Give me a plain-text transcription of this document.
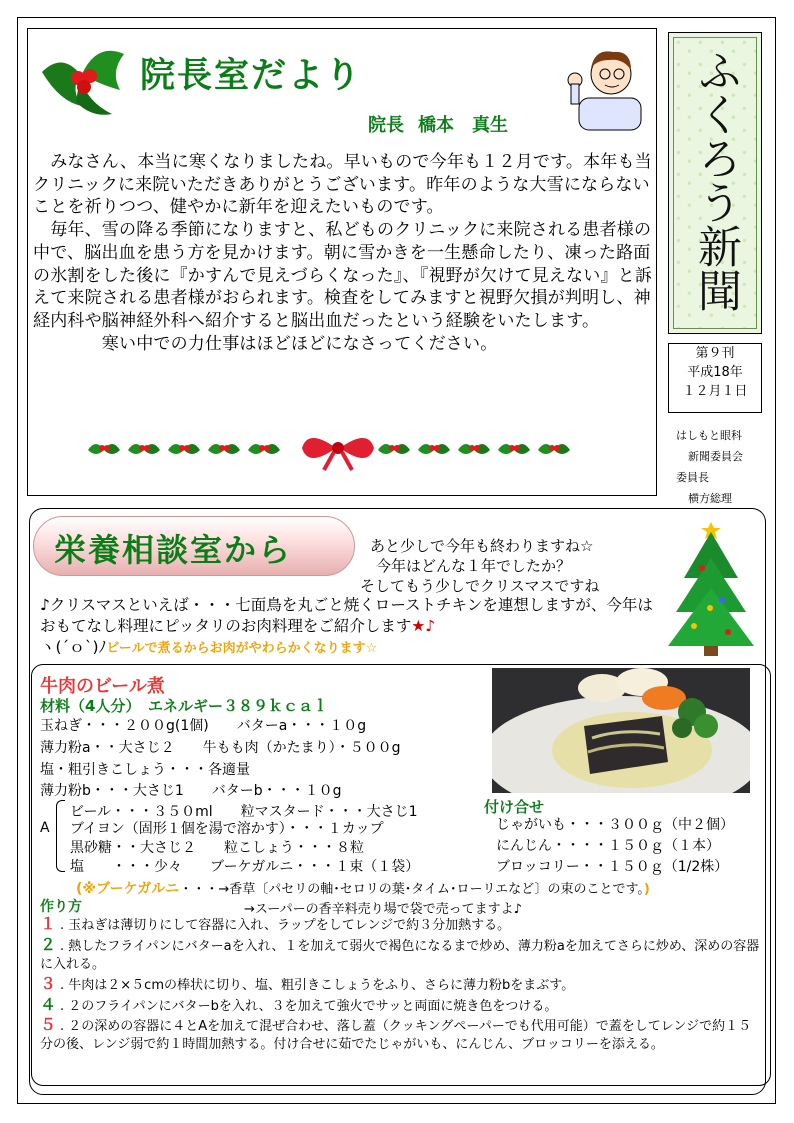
院長室だより
院長 橋本　真生

　みなさん、本当に寒くなりましたね。早いもので今年も１２月です。本年も当クリニックに来院いただきありがとうございます。昨年のような大雪にならないことを祈りつつ、健やかに新年を迎えたいものです。

　毎年、雪の降る季節になりますと、私どものクリニックに来院される患者様の中で、脳出血を患う方を見かけます。朝に雪かきを一生懸命したり、凍った路面の氷割をした後に『かすんで見えづらくなった』、『視野が欠けて見えない』と訴えて来院される患者様がおられます。検査をしてみますと視野欠損が判明し、神経内科や脳神経外科へ紹介すると脳出血だったという経験をいたします。

　　　　寒い中での力仕事はほどほどになさってください。

ふくろう新聞
第９刊
平成18年
１２月１日
はしもと眼科
新聞委員会
委員長
横方総理
栄養相談室から	あと少しで今年も終わりますね☆
今年はどんな１年でしたか？
そしてもう少しでクリスマスですね
♪クリスマスといえば・・・七面鳥を丸ごと焼くローストチキンを連想しますが、今年はおもてなし料理にピッタリのお肉料理をご紹介します★♪
ヽ(´ｏ`)ﾉビールで煮るからお肉がやわらかくなります☆
牛肉のビール煮
材料（4人分）　 エネルギー３８９ｋｃａｌ
玉ねぎ・・・２００g(1個)　　バターa・・・１０g
薄力粉a・・大さじ２　　牛もも肉（かたまり）・５００g
塩・粗引きこしょう・・・各適量
薄力粉b・・・大さじ1　　バターb・・・１０g
A
ビール・・・３５０ml　　粒マスタード・・・大さじ1
ブイヨン（固形１個を湯で溶かす）・・・１カップ
黒砂糖・・大さじ２　　粒こしょう・・・８粒
塩　　・・・少々　　ブーケガルニ・・・１束（１袋）
付け合せ
じゃがいも・・・３００ｇ（中２個）
にんじん・・・・１５０ｇ（１本）
ブロッコリー・・１５０ｇ（1/2株）
(※ブーケガルニ・・・→香草〔パセリの軸･セロリの葉･タイム･ローリエなど〕の束のことです。)
作り方	→スーパーの香辛料売り場で袋で売ってますよ♪
１ . 玉ねぎは薄切りにして容器に入れ、ラップをしてレンジで約３分加熱する。
２ . 熱したフライパンにバターaを入れ、１を加えて弱火で褐色になるまで炒め、薄力粉aを加えてさらに炒め、深めの容器に入れる。
３ . 牛肉は２×５cmの棒状に切り、塩、粗引きこしょうをふり、さらに薄力粉bをまぶす。
４ . ２のフライパンにバターbを入れ、３を加えて強火でサッと両面に焼き色をつける。
５ . ２の深めの容器に４とAを加えて混ぜ合わせ、落し蓋（クッキングペーパーでも代用可能）で蓋をしてレンジで約１５分の後、レンジ弱で約１時間加熱する。付け合せに茹でたじゃがいも、にんじん、ブロッコリーを添える。
